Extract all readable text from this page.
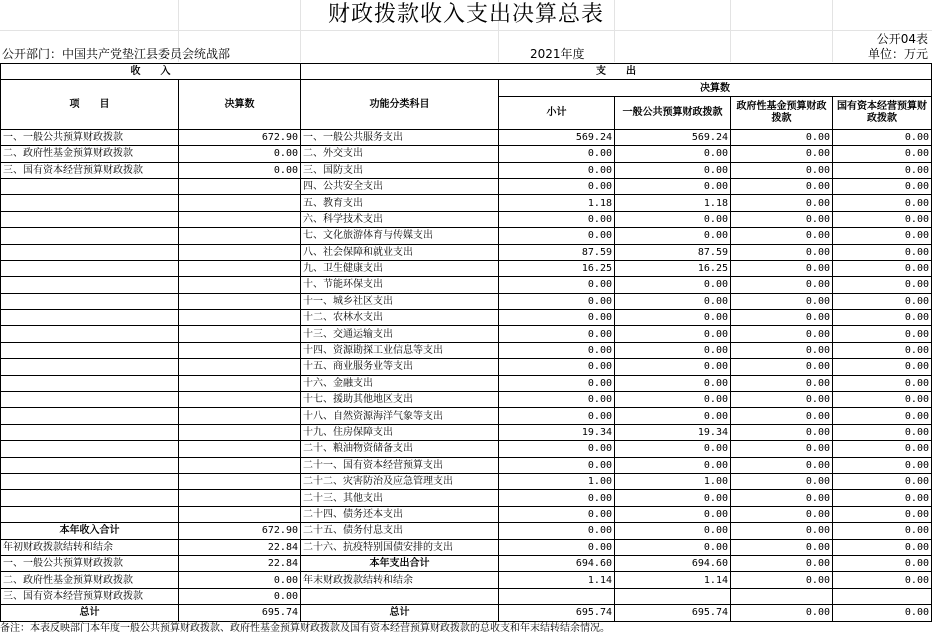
财政拨款收入支出决算总表
公开04表
公开部门：中国共产党垫江县委员会统战部	2021年度	单位：万元
收　　入		支　　出				
项　　目	决算数	功能分类科目	决算数			
			小计	一般公共预算财政拨款	政府性基金预算财政拨款	国有资本经营预算财政拨款
一、一般公共预算财政拨款	672.90	一、一般公共服务支出	569.24	569.24	0.00	0.00
二、政府性基金预算财政拨款	0.00	二、外交支出	0.00	0.00	0.00	0.00
三、国有资本经营预算财政拨款	0.00	三、国防支出	0.00	0.00	0.00	0.00
		四、公共安全支出	0.00	0.00	0.00	0.00
		五、教育支出	1.18	1.18	0.00	0.00
		六、科学技术支出	0.00	0.00	0.00	0.00
		七、文化旅游体育与传媒支出	0.00	0.00	0.00	0.00
		八、社会保障和就业支出	87.59	87.59	0.00	0.00
		九、卫生健康支出	16.25	16.25	0.00	0.00
		十、节能环保支出	0.00	0.00	0.00	0.00
		十一、城乡社区支出	0.00	0.00	0.00	0.00
		十二、农林水支出	0.00	0.00	0.00	0.00
		十三、交通运输支出	0.00	0.00	0.00	0.00
		十四、资源勘探工业信息等支出	0.00	0.00	0.00	0.00
		十五、商业服务业等支出	0.00	0.00	0.00	0.00
		十六、金融支出	0.00	0.00	0.00	0.00
		十七、援助其他地区支出	0.00	0.00	0.00	0.00
		十八、自然资源海洋气象等支出	0.00	0.00	0.00	0.00
		十九、住房保障支出	19.34	19.34	0.00	0.00
		二十、粮油物资储备支出	0.00	0.00	0.00	0.00
		二十一、国有资本经营预算支出	0.00	0.00	0.00	0.00
		二十二、灾害防治及应急管理支出	1.00	1.00	0.00	0.00
		二十三、其他支出	0.00	0.00	0.00	0.00
		二十四、债务还本支出	0.00	0.00	0.00	0.00
本年收入合计	672.90	二十五、债务付息支出	0.00	0.00	0.00	0.00
年初财政拨款结转和结余	22.84	二十六、抗疫特别国债安排的支出	0.00	0.00	0.00	0.00
一、一般公共预算财政拨款	22.84	本年支出合计	694.60	694.60	0.00	0.00
二、政府性基金预算财政拨款	0.00	年末财政拨款结转和结余	1.14	1.14	0.00	0.00
三、国有资本经营预算财政拨款	0.00					
总计	695.74	总计	695.74	695.74	0.00	0.00
备注：本表反映部门本年度一般公共预算财政拨款、政府性基金预算财政拨款及国有资本经营预算财政拨款的总收支和年末结转结余情况。
